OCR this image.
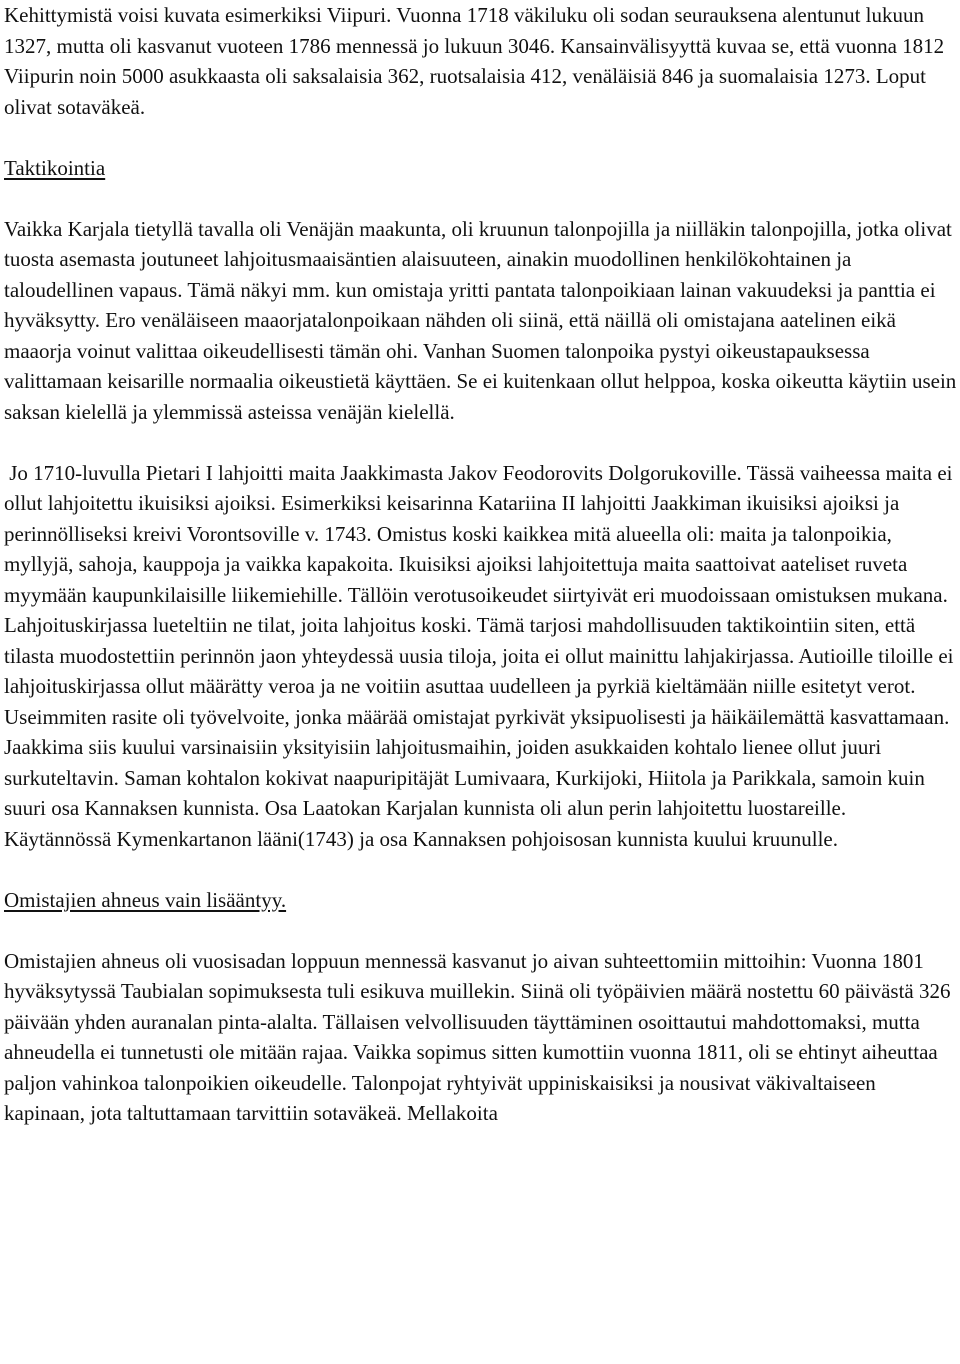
Kehittymistä voisi kuvata esimerkiksi Viipuri. Vuonna 1718 väkiluku oli sodan seurauksena alentunut lukuun 1327, mutta oli kasvanut vuoteen 1786 mennessä jo lukuun 3046. Kansainvälisyyttä kuvaa se, että vuonna 1812 Viipurin noin 5000 asukkaasta oli saksalaisia 362, ruotsalaisia 412, venäläisiä 846 ja suomalaisia 1273. Loput olivat sotaväkeä.

Taktikointia

Vaikka Karjala tietyllä tavalla oli Venäjän maakunta, oli kruunun talonpojilla ja niilläkin talonpojilla, jotka olivat tuosta asemasta joutuneet lahjoitusmaaisäntien alaisuuteen, ainakin muodollinen henkilökohtainen ja taloudellinen vapaus. Tämä näkyi mm. kun omistaja yritti pantata talonpoikiaan lainan vakuudeksi ja panttia ei hyväksytty. Ero venäläiseen maaorjatalonpoikaan nähden oli siinä, että näillä oli omistajana aatelinen eikä maaorja voinut valittaa oikeudellisesti tämän ohi. Vanhan Suomen talonpoika pystyi oikeustapauksessa valittamaan keisarille normaalia oikeustietä käyttäen. Se ei kuitenkaan ollut helppoa, koska oikeutta käytiin usein saksan kielellä ja ylemmissä asteissa venäjän kielellä.

Jo 1710-luvulla Pietari I lahjoitti maita Jaakkimasta Jakov Feodorovits Dolgorukoville. Tässä vaiheessa maita ei ollut lahjoitettu ikuisiksi ajoiksi. Esimerkiksi keisarinna Katariina II lahjoitti Jaakkiman ikuisiksi ajoiksi ja perinnölliseksi kreivi Vorontsoville v. 1743. Omistus koski kaikkea mitä alueella oli: maita ja talonpoikia, myllyjä, sahoja, kauppoja ja vaikka kapakoita. Ikuisiksi ajoiksi lahjoitettuja maita saattoivat aateliset ruveta myymään kaupunkilaisille liikemiehille. Tällöin verotusoikeudet siirtyivät eri muodoissaan omistuksen mukana. Lahjoituskirjassa lueteltiin ne tilat, joita lahjoitus koski. Tämä tarjosi mahdollisuuden taktikointiin siten, että tilasta muodostettiin perinnön jaon yhteydessä uusia tiloja, joita ei ollut mainittu lahjakirjassa. Autioille tiloille ei lahjoituskirjassa ollut määrätty veroa ja ne voitiin asuttaa uudelleen ja pyrkiä kieltämään niille esitetyt verot. Useimmiten rasite oli työvelvoite, jonka määrää omistajat pyrkivät yksipuolisesti ja häikäilemättä kasvattamaan. Jaakkima siis kuului varsinaisiin yksityisiin lahjoitusmaihin, joiden asukkaiden kohtalo lienee ollut juuri surkuteltavin. Saman kohtalon kokivat naapuripitäjät Lumivaara, Kurkijoki, Hiitola ja Parikkala, samoin kuin suuri osa Kannaksen kunnista. Osa Laatokan Karjalan kunnista oli alun perin lahjoitettu luostareille. Käytännössä Kymenkartanon lääni(1743) ja osa Kannaksen pohjoisosan kunnista kuului kruunulle.

Omistajien ahneus vain lisääntyy.

Omistajien ahneus oli vuosisadan loppuun mennessä kasvanut jo aivan suhteettomiin mittoihin: Vuonna 1801 hyväksytyssä Taubialan sopimuksesta tuli esikuva muillekin. Siinä oli työpäivien määrä nostettu 60 päivästä 326 päivään yhden auranalan pinta-alalta. Tällaisen velvollisuuden täyttäminen osoittautui mahdottomaksi, mutta ahneudella ei tunnetusti ole mitään rajaa. Vaikka sopimus sitten kumottiin vuonna 1811, oli se ehtinyt aiheuttaa paljon vahinkoa talonpoikien oikeudelle. Talonpojat ryhtyivät uppiniskaisiksi ja nousivat väkivaltaiseen kapinaan, jota taltuttamaan tarvittiin sotaväkeä. Mellakoita
